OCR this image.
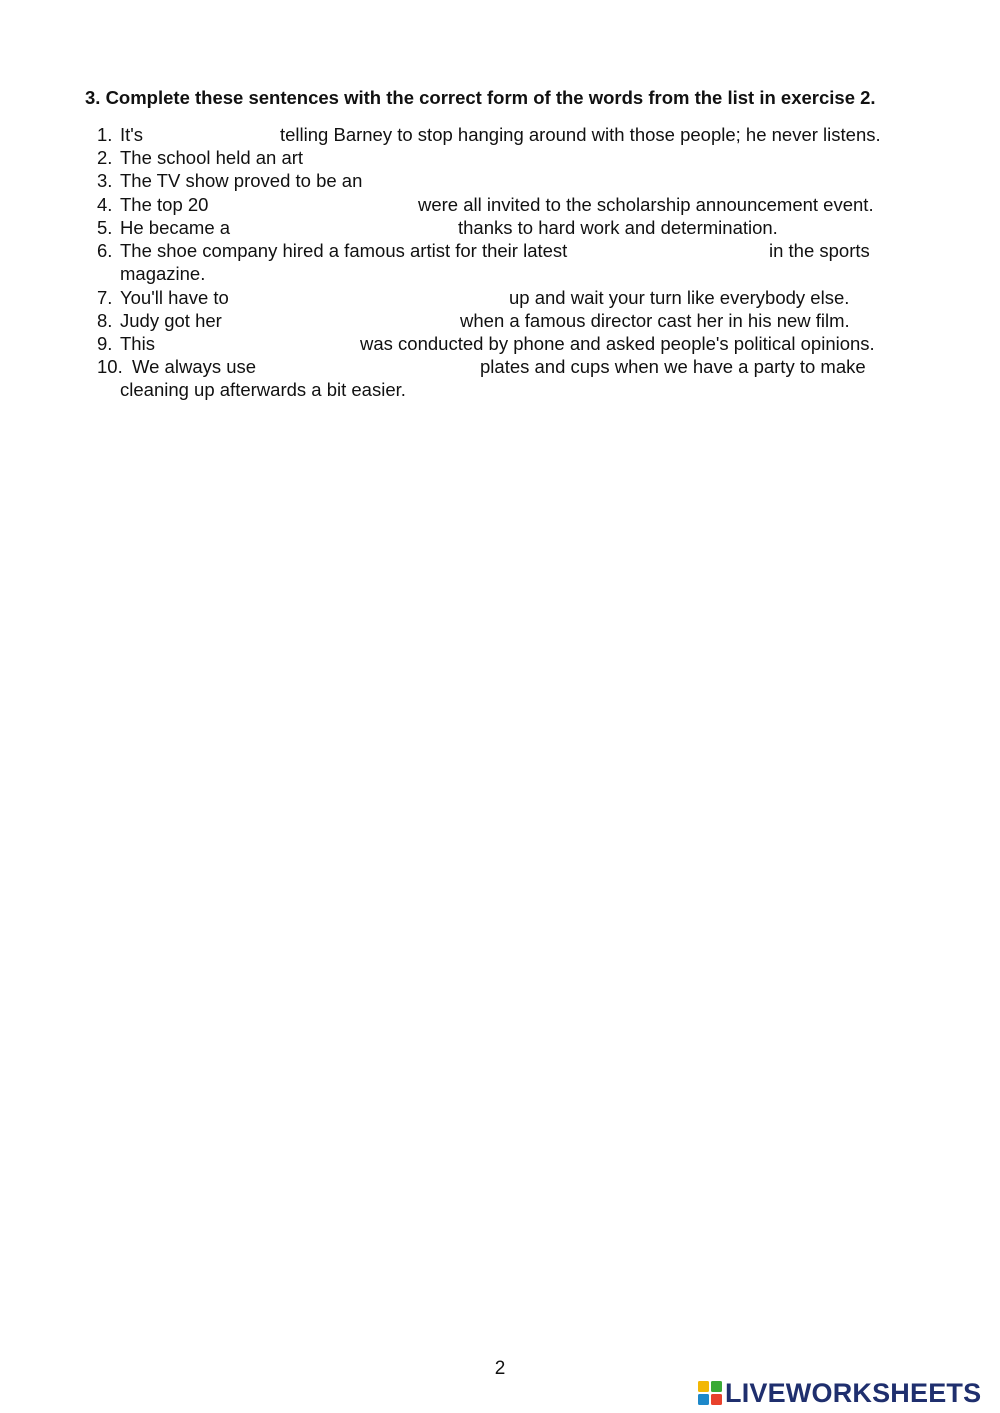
3. Complete these sentences with the correct form of the words from the list in exercise 2.
1. It's	telling Barney to stop hanging around with those people; he never listens.
2. The school held an art
3. The TV show proved to be an
4. The top 20	were all invited to the scholarship announcement event.
5. He became a	thanks to hard work and determination.
6. The shoe company hired a famous artist for their latest	in the sports
magazine.
7. You'll have to	up and wait your turn like everybody else.
8. Judy got her	when a famous director cast her in his new film.
9. This	was conducted by phone and asked people's political opinions.
10. We always use	plates and cups when we have a party to make
cleaning up afterwards a bit easier.
2
LIVEWORKSHEETS
